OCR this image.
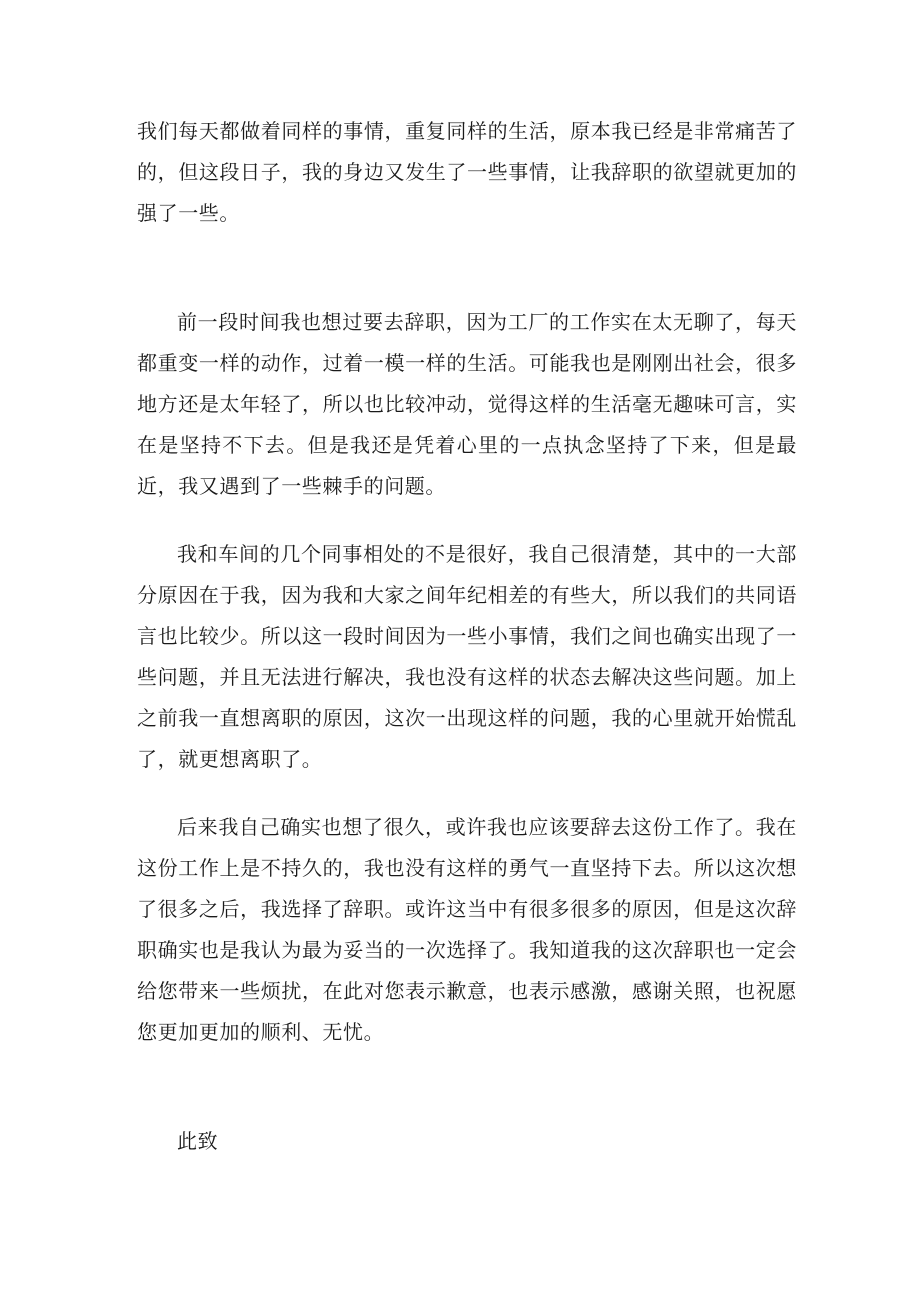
我们每天都做着同样的事情，重复同样的生活，原本我已经是非常痛苦了的，但这段日子，我的身边又发生了一些事情，让我辞职的欲望就更加的强了一些。

前一段时间我也想过要去辞职，因为工厂的工作实在太无聊了，每天都重变一样的动作，过着一模一样的生活。可能我也是刚刚出社会，很多地方还是太年轻了，所以也比较冲动，觉得这样的生活毫无趣味可言，实在是坚持不下去。但是我还是凭着心里的一点执念坚持了下来，但是最近，我又遇到了一些棘手的问题。

我和车间的几个同事相处的不是很好，我自己很清楚，其中的一大部分原因在于我，因为我和大家之间年纪相差的有些大，所以我们的共同语言也比较少。所以这一段时间因为一些小事情，我们之间也确实出现了一些问题，并且无法进行解决，我也没有这样的状态去解决这些问题。加上之前我一直想离职的原因，这次一出现这样的问题，我的心里就开始慌乱了，就更想离职了。

后来我自己确实也想了很久，或许我也应该要辞去这份工作了。我在这份工作上是不持久的，我也没有这样的勇气一直坚持下去。所以这次想了很多之后，我选择了辞职。或许这当中有很多很多的原因，但是这次辞职确实也是我认为最为妥当的一次选择了。我知道我的这次辞职也一定会给您带来一些烦扰，在此对您表示歉意，也表示感激，感谢关照，也祝愿您更加更加的顺利、无忧。

此致
